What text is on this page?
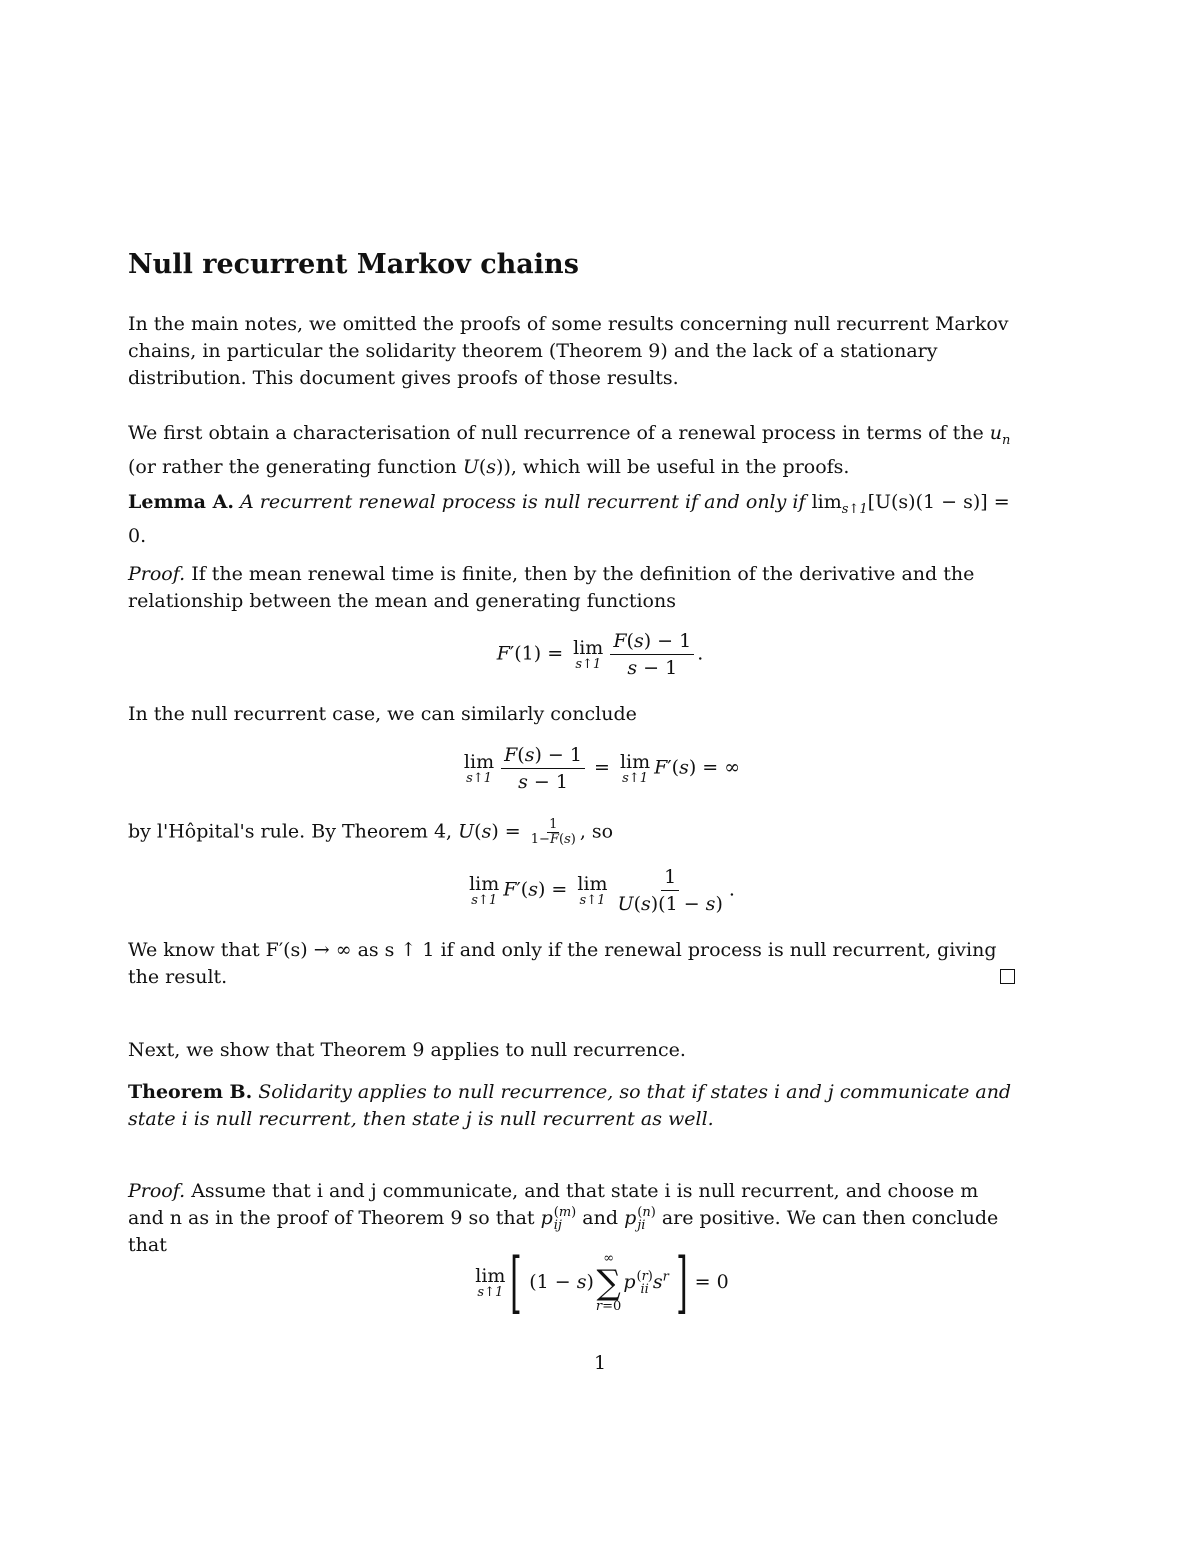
Null recurrent Markov chains

In the main notes, we omitted the proofs of some results concerning null recurrent Markov chains, in particular the solidarity theorem (Theorem 9) and the lack of a stationary distribution. This document gives proofs of those results.

We first obtain a characterisation of null recurrence of a renewal process in terms of the $u_n$ (or rather the generating function U(s)), which will be useful in the proofs.

Lemma A. A recurrent renewal process is null recurrent if and only if $\lim_{s↑1}[U(s)(1 - s)] = 0$.

Proof. If the mean renewal time is finite, then by the definition of the derivative and the relationship between the mean and generating functions

F′(1) = lim
s↑1 $\frac{F(s) - 1}{s - 1}$ .

In the null recurrent case, we can similarly conclude

lim
s↑1 $\frac{F(s) - 1}{s - 1} = \lim$
s↑1 F′(s) = ∞

by l'Hôpital's rule. By Theorem 4, $U(s) = \frac{1}{1-F(s)}$ , so

lim
s↑1 F′(s) = lim
s↑1 $\frac{1}{U(s)(1 - s)}$ .

We know that F′(s) → ∞ as s ↑ 1 if and only if the renewal process is null recurrent, giving the result.

Next, we show that Theorem 9 applies to null recurrence.

Theorem B. Solidarity applies to null recurrence, so that if states i and j communicate and state i is null recurrent, then state j is null recurrent as well.

Proof. Assume that i and j communicate, and that state i is null recurrent, and choose m and n as in the proof of Theorem 9 so that p (m)
ij	and p (n)
ji are positive. We can then conclude that

lim
s↑1 [ (1 − s)
∞
∑
r=0
p (r)
ii $s^r$ ] = 0
1
